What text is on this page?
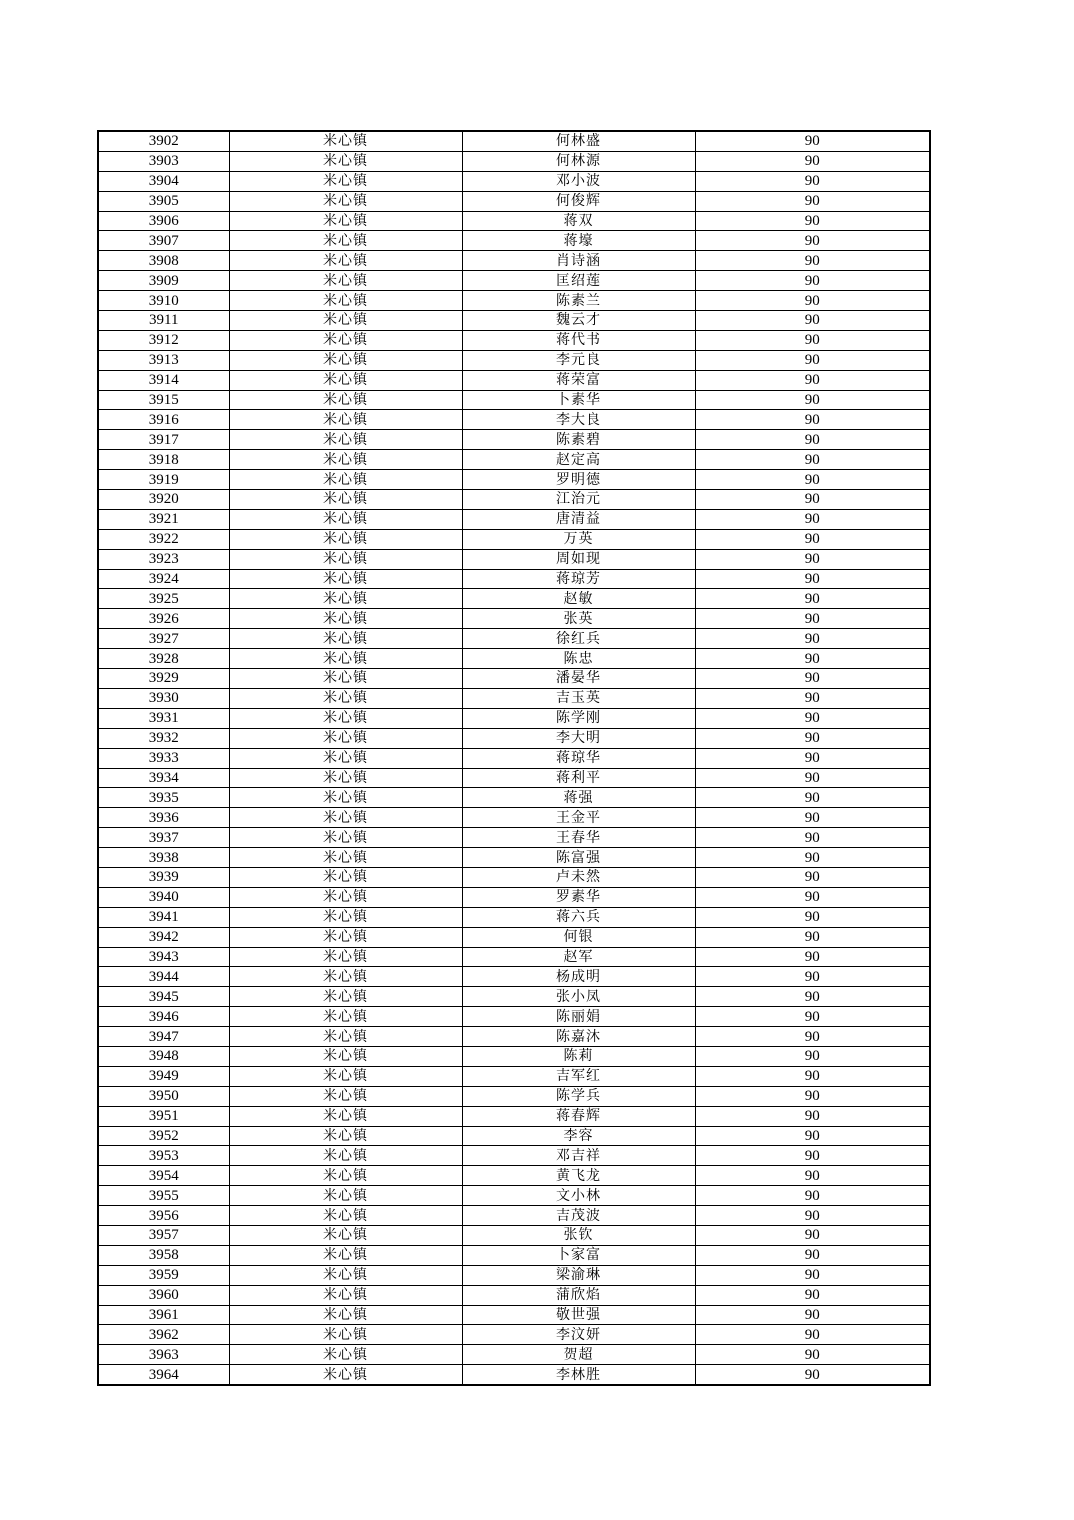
3902	米心镇	何林盛	90
3903	米心镇	何林源	90
3904	米心镇	邓小波	90
3905	米心镇	何俊辉	90
3906	米心镇	蒋双	90
3907	米心镇	蒋壕	90
3908	米心镇	肖诗涵	90
3909	米心镇	匡绍莲	90
3910	米心镇	陈素兰	90
3911	米心镇	魏云才	90
3912	米心镇	蒋代书	90
3913	米心镇	李元良	90
3914	米心镇	蒋荣富	90
3915	米心镇	卜素华	90
3916	米心镇	李大良	90
3917	米心镇	陈素碧	90
3918	米心镇	赵定高	90
3919	米心镇	罗明德	90
3920	米心镇	江治元	90
3921	米心镇	唐清益	90
3922	米心镇	万英	90
3923	米心镇	周如现	90
3924	米心镇	蒋琼芳	90
3925	米心镇	赵敏	90
3926	米心镇	张英	90
3927	米心镇	徐红兵	90
3928	米心镇	陈忠	90
3929	米心镇	潘晏华	90
3930	米心镇	吉玉英	90
3931	米心镇	陈学刚	90
3932	米心镇	李大明	90
3933	米心镇	蒋琼华	90
3934	米心镇	蒋利平	90
3935	米心镇	蒋强	90
3936	米心镇	王金平	90
3937	米心镇	王春华	90
3938	米心镇	陈富强	90
3939	米心镇	卢未然	90
3940	米心镇	罗素华	90
3941	米心镇	蒋六兵	90
3942	米心镇	何银	90
3943	米心镇	赵军	90
3944	米心镇	杨成明	90
3945	米心镇	张小凤	90
3946	米心镇	陈丽娟	90
3947	米心镇	陈嘉沐	90
3948	米心镇	陈莉	90
3949	米心镇	吉军红	90
3950	米心镇	陈学兵	90
3951	米心镇	蒋春辉	90
3952	米心镇	李容	90
3953	米心镇	邓吉祥	90
3954	米心镇	黄飞龙	90
3955	米心镇	文小林	90
3956	米心镇	吉茂波	90
3957	米心镇	张钦	90
3958	米心镇	卜家富	90
3959	米心镇	梁渝琳	90
3960	米心镇	蒲欣焰	90
3961	米心镇	敬世强	90
3962	米心镇	李汶妍	90
3963	米心镇	贺超	90
3964	米心镇	李林胜	90
